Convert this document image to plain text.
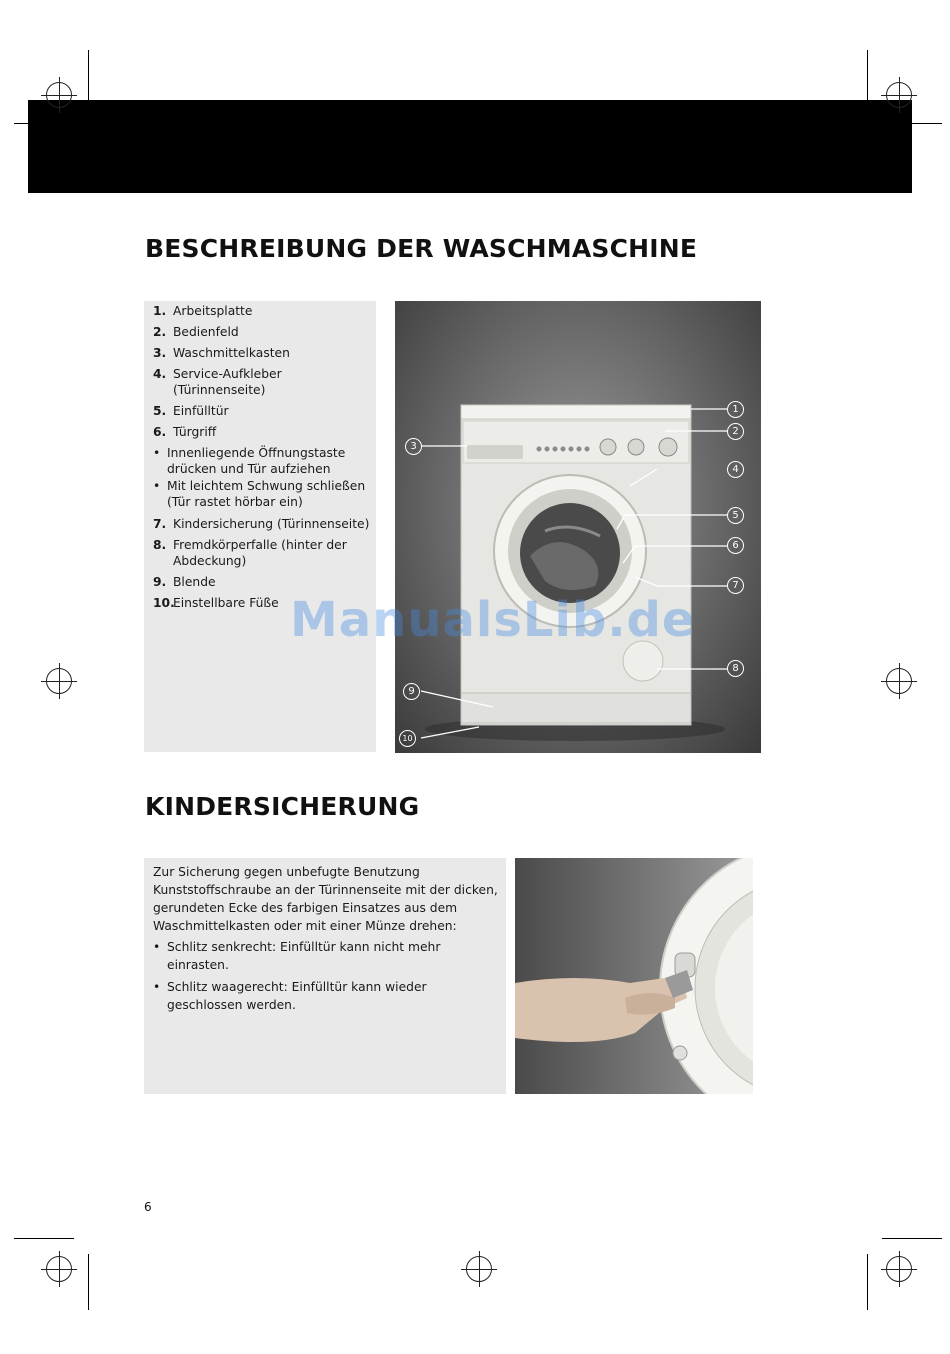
BESCHREIBUNG DER WASCHMASCHINE
1. Arbeitsplatte
2. Bedienfeld
3. Waschmittelkasten
4. Service-Aufkleber
(Türinnenseite)
5. Einfülltür
6. Türgriff
• Innenliegende Öffnungstaste
drücken und Tür aufziehen
• Mit leichtem Schwung schließen
(Tür rastet hörbar ein)
7. Kindersicherung (Türinnenseite)
8. Fremdkörperfalle (hinter der
Abdeckung)
9. Blende
10.
Einstellbare Füße
1
2
3
4
5
6
7
8
9
10
ManualsLib.de
KINDERSICHERUNG

Zur Sicherung gegen unbefugte Benutzung Kunststoffschraube an der Türinnenseite mit der dicken, gerundeten Ecke des farbigen Einsatzes aus dem Waschmittelkasten oder mit einer Münze drehen:

• Schlitz senkrecht: Einfülltür kann nicht mehr einrasten.
• Schlitz waagerecht: Einfülltür kann wieder geschlossen werden.
6
